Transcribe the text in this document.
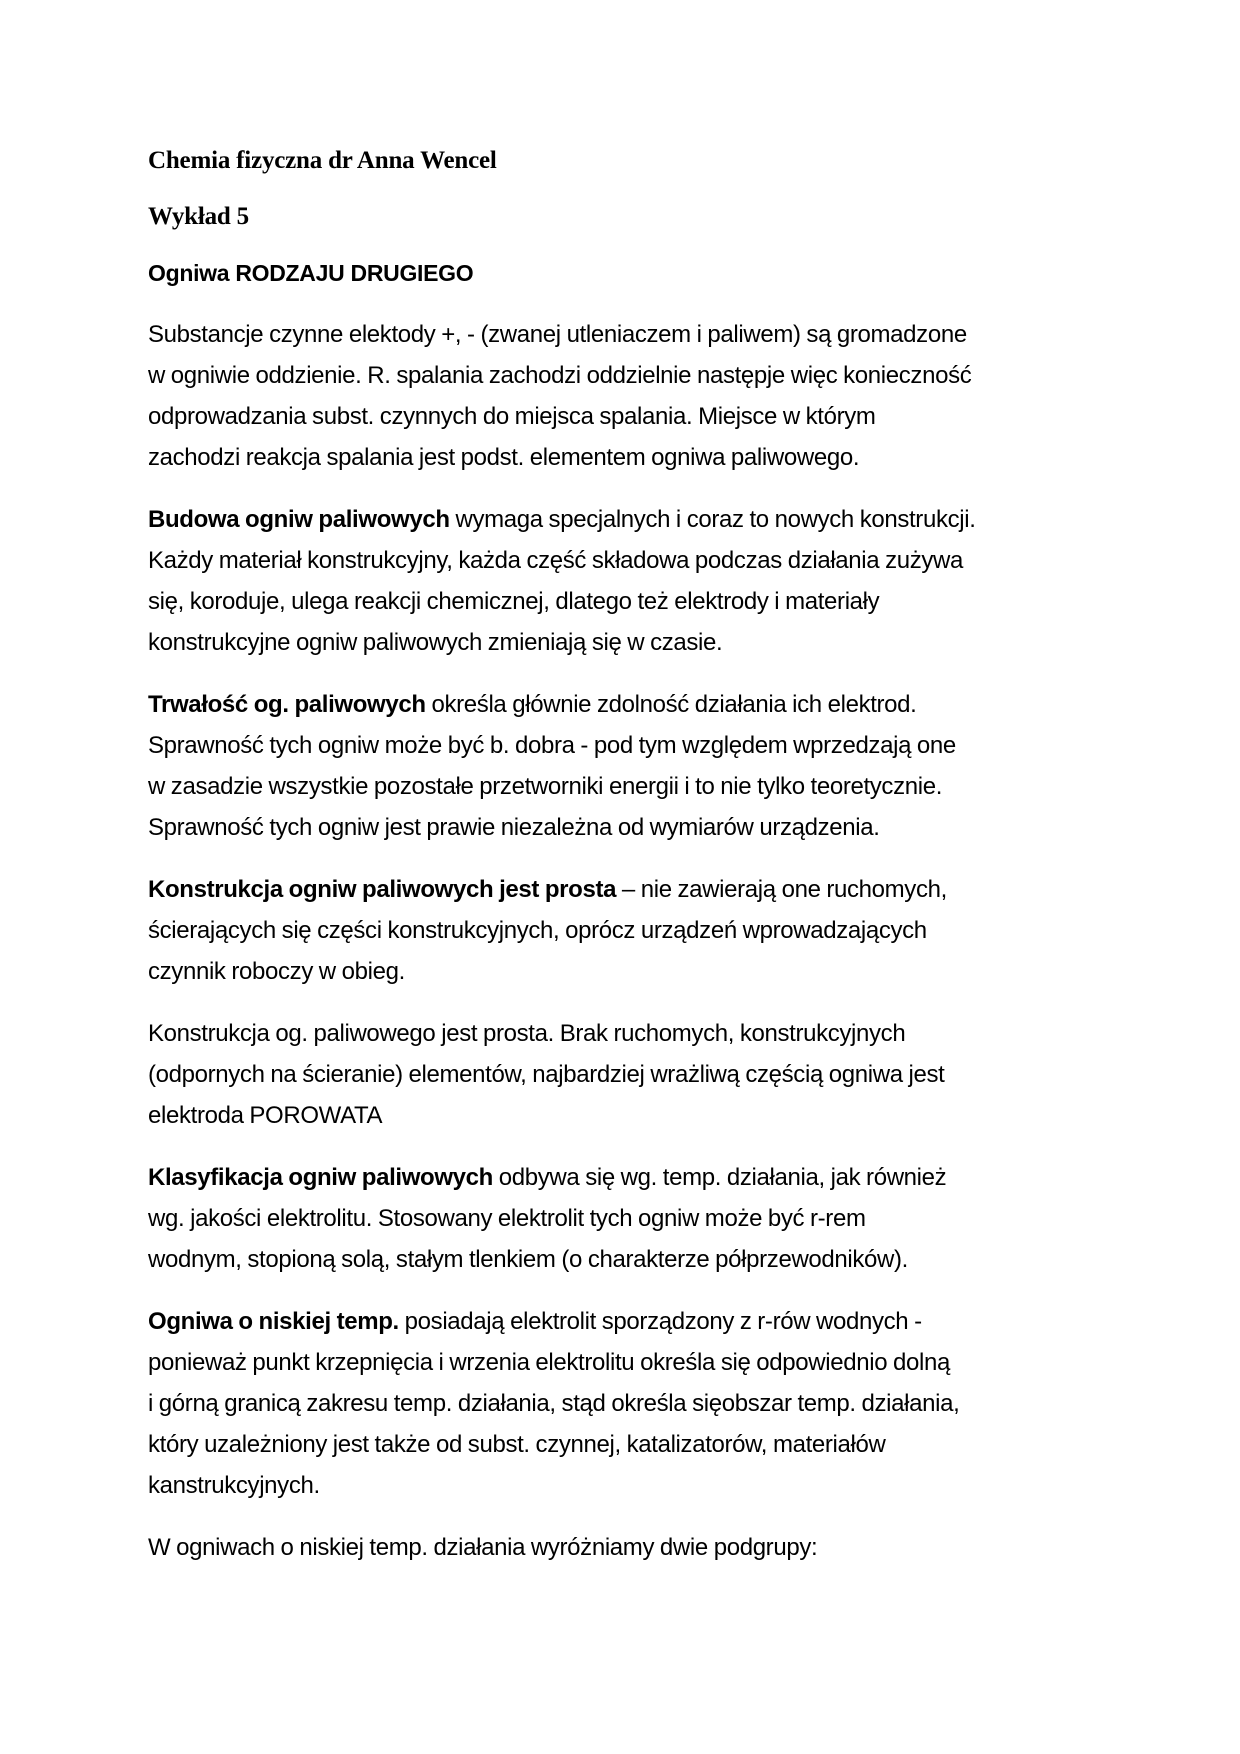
Chemia fizyczna dr Anna Wencel
Wykład 5
Ogniwa RODZAJU DRUGIEGO
Substancje czynne elektody +, - (zwanej utleniaczem i paliwem) są gromadzone
w ogniwie oddzienie. R. spalania zachodzi oddzielnie następje więc konieczność
odprowadzania subst. czynnych do miejsca spalania. Miejsce w którym
zachodzi reakcja spalania jest podst. elementem ogniwa paliwowego.
Budowa ogniw paliwowych wymaga specjalnych i coraz to nowych konstrukcji.
Każdy materiał konstrukcyjny, każda część składowa podczas działania zużywa
się, koroduje, ulega reakcji chemicznej, dlatego też elektrody i materiały
konstrukcyjne ogniw paliwowych zmieniają się w czasie.
Trwałość og. paliwowych określa głównie zdolność działania ich elektrod.
Sprawność tych ogniw może być b. dobra - pod tym względem wprzedzają one
w zasadzie wszystkie pozostałe przetworniki energii i to nie tylko teoretycznie.
Sprawność tych ogniw jest prawie niezależna od wymiarów urządzenia.
Konstrukcja ogniw paliwowych jest prosta – nie zawierają one ruchomych,
ścierających się części konstrukcyjnych, oprócz urządzeń wprowadzających
czynnik roboczy w obieg.
Konstrukcja og. paliwowego jest prosta. Brak ruchomych, konstrukcyjnych
(odpornych na ścieranie) elementów, najbardziej wrażliwą częścią ogniwa jest
elektroda POROWATA
Klasyfikacja ogniw paliwowych odbywa się wg. temp. działania, jak również
wg. jakości elektrolitu. Stosowany elektrolit tych ogniw może być r-rem
wodnym, stopioną solą, stałym tlenkiem (o charakterze półprzewodników).
Ogniwa o niskiej temp. posiadają elektrolit sporządzony z r-rów wodnych -
ponieważ punkt krzepnięcia i wrzenia elektrolitu określa się odpowiednio dolną
i górną granicą zakresu temp. działania, stąd określa sięobszar temp. działania,
który uzależniony jest także od subst. czynnej, katalizatorów, materiałów
kanstrukcyjnych.
W ogniwach o niskiej temp. działania wyróżniamy dwie podgrupy:
